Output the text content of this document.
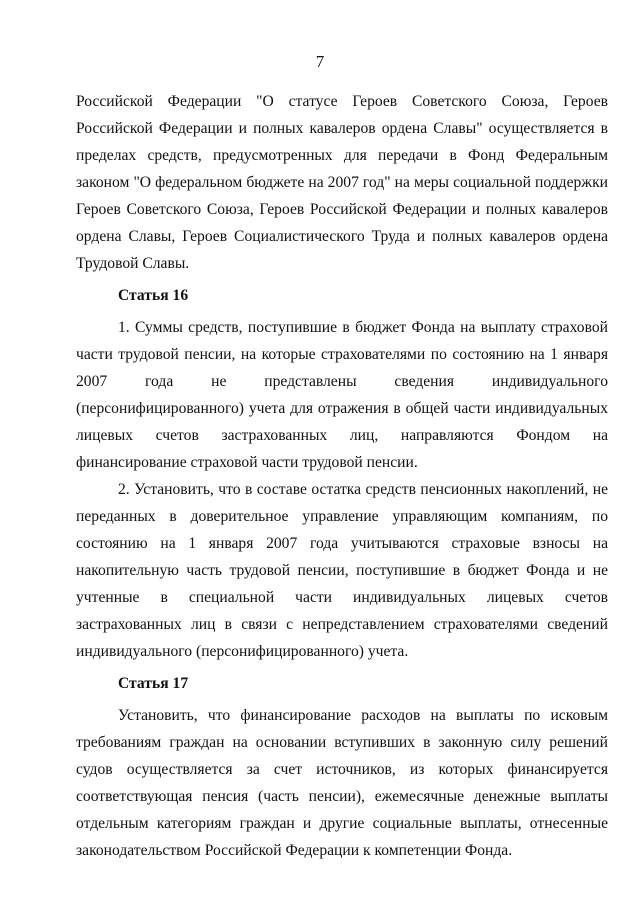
7

Российской Федерации "О статусе Героев Советского Союза, Героев Российской Федерации и полных кавалеров ордена Славы" осуществляется в пределах средств, предусмотренных для передачи в Фонд Федеральным законом "О федеральном бюджете на 2007 год" на меры социальной поддержки Героев Советского Союза, Героев Российской Федерации и полных кавалеров ордена Славы, Героев Социалистического Труда и полных кавалеров ордена Трудовой Славы.

Статья 16

1. Суммы средств, поступившие в бюджет Фонда на выплату страховой части трудовой пенсии, на которые страхователями по состоянию на 1 января 2007 года не представлены сведения индивидуального (персонифицированного) учета для отражения в общей части индивидуальных лицевых счетов застрахованных лиц, направляются Фондом на финансирование страховой части трудовой пенсии.

2. Установить, что в составе остатка средств пенсионных накоплений, не переданных в доверительное управление управляющим компаниям, по состоянию на 1 января 2007 года учитываются страховые взносы на накопительную часть трудовой пенсии, поступившие в бюджет Фонда и не учтенные в специальной части индивидуальных лицевых счетов застрахованных лиц в связи с непредставлением страхователями сведений индивидуального (персонифицированного) учета.

Статья 17

Установить, что финансирование расходов на выплаты по исковым требованиям граждан на основании вступивших в законную силу решений судов осуществляется за счет источников, из которых финансируется соответствующая пенсия (часть пенсии), ежемесячные денежные выплаты отдельным категориям граждан и другие социальные выплаты, отнесенные законодательством Российской Федерации к компетенции Фонда.
